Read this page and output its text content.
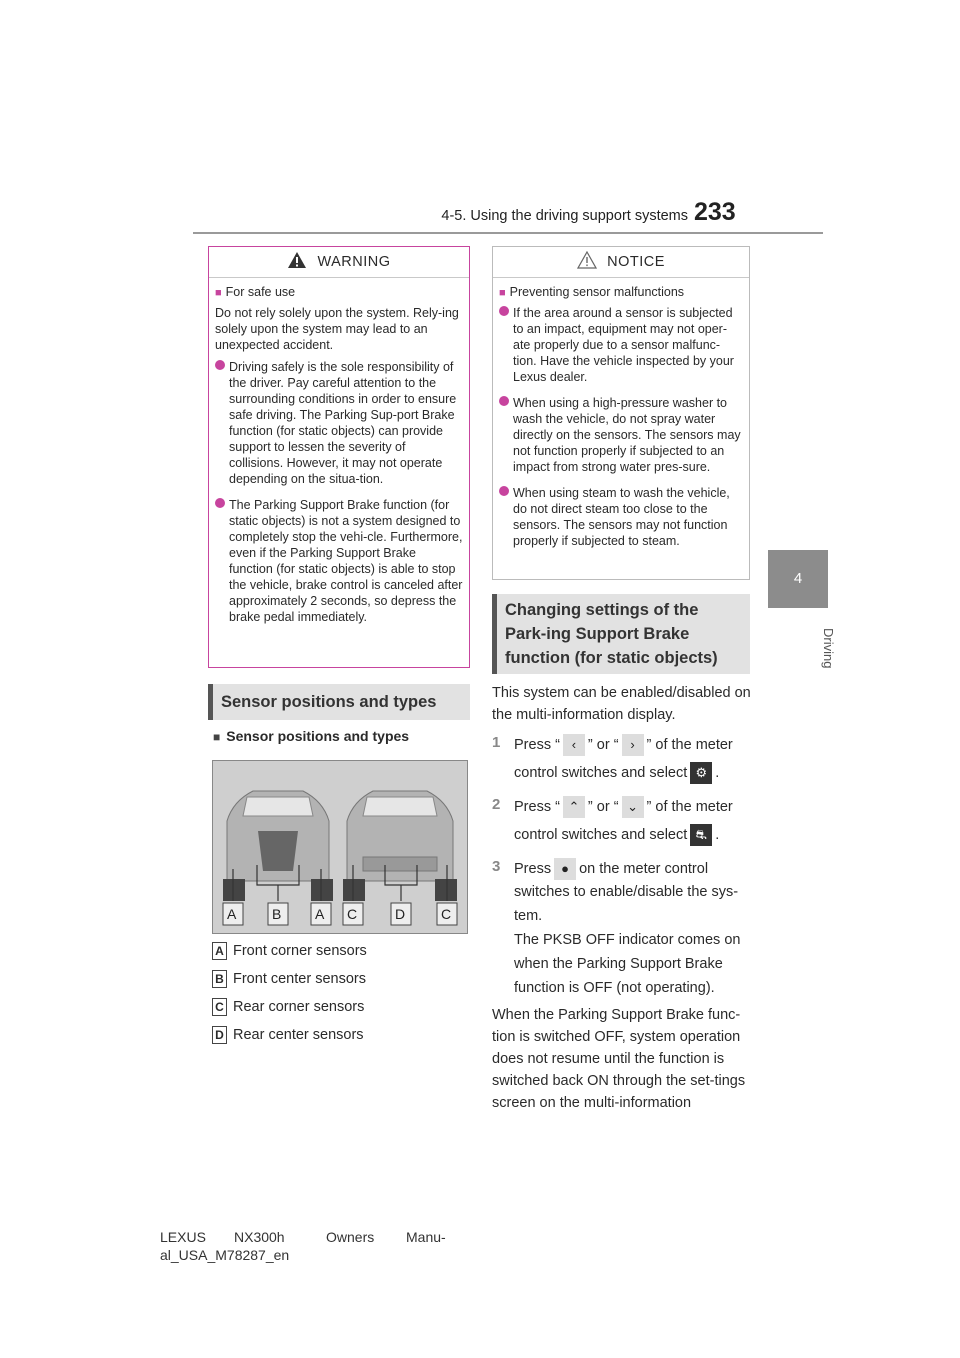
4-5. Using the driving support systems 233
4
Driving
WARNING

■ For safe use

Do not rely solely upon the system. Rely-ing solely upon the system may lead to an unexpected accident.

Driving safely is the sole responsibility of the driver. Pay careful attention to the surrounding conditions in order to ensure safe driving. The Parking Sup-port Brake function (for static objects) can provide support to lessen the severity of collisions. However, it may not operate depending on the situa-tion.
The Parking Support Brake function (for static objects) is not a system designed to completely stop the vehi-cle. Furthermore, even if the Parking Support Brake function (for static objects) is able to stop the vehicle, brake control is canceled after approximately 2 seconds, so depress the brake pedal immediately.
Sensor positions and types
■ Sensor positions and types
A	B A C	D	C
A Front corner sensors
B Front center sensors
C Rear corner sensors
D Rear center sensors
NOTICE

■ Preventing sensor malfunctions

If the area around a sensor is subjected to an impact, equipment may not oper-ate properly due to a sensor malfunc-tion. Have the vehicle inspected by your Lexus dealer.
When using a high-pressure washer to wash the vehicle, do not spray water directly on the sensors. The sensors may not function properly if subjected to an impact from strong water pres-sure.
When using steam to wash the vehicle, do not direct steam too close to the sensors. The sensors may not function properly if subjected to steam.
Changing settings of the Park-ing Support Brake function (for static objects)
This system can be enabled/disabled on the multi-information display.
1 Press “ ‹ ” or “ › ” of the meter
control switches and select ⚙ .
2 Press “ ⌃ ” or “ ⌄ ” of the meter
control switches and select ⛐ .
3 Press ● on the meter control
switches to enable/disable the sys-
tem.
The PKSB OFF indicator comes on
when the Parking Support Brake
function is OFF (not operating).
When the Parking Support Brake func-tion is switched OFF, system operation does not resume until the function is switched back ON through the set-tings screen on the multi-information
LEXUS NX300h	Owners Manu-
al_USA_M78287_en
